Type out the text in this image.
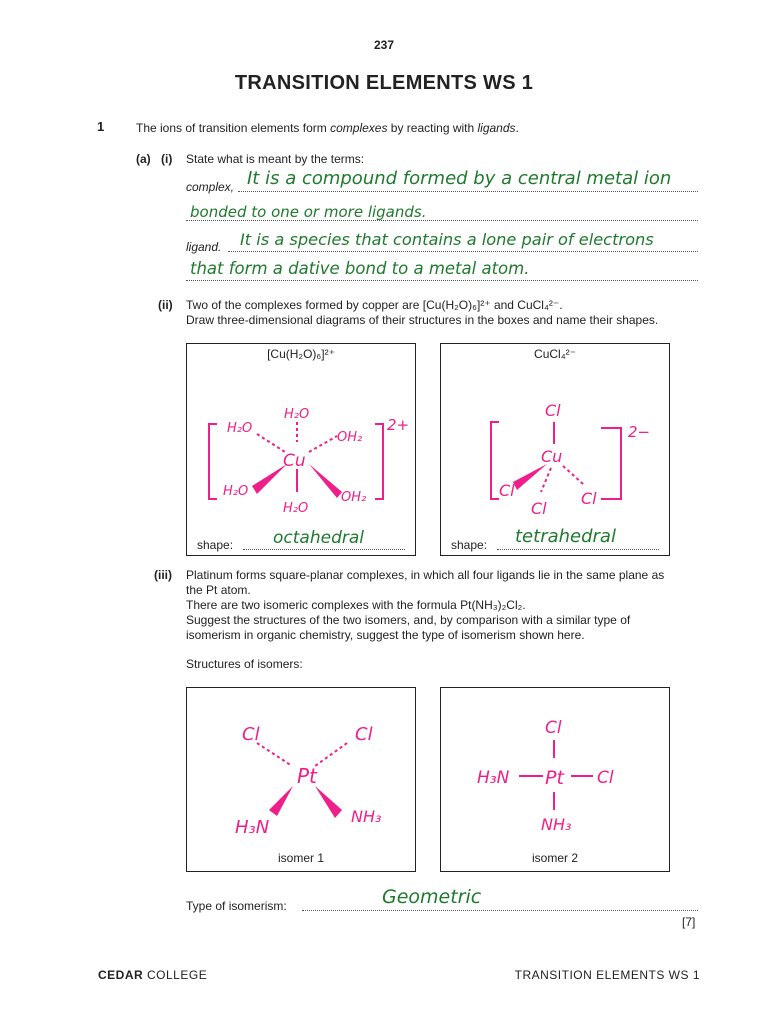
237
TRANSITION ELEMENTS WS 1
1	The ions of transition elements form complexes by reacting with ligands.
(a) (i) State what is meant by the terms:
complex, It is a compound formed by a central metal ion
bonded to one or more ligands.
ligand. It is a species that contains a lone pair of electrons
that form a dative bond to a metal atom.
(ii) Two of the complexes formed by copper are [Cu(H₂O)₆]²⁺ and CuCl₄²⁻.
Draw three-dimensional diagrams of their structures in the boxes and name their shapes.
[Cu(H₂O)₆]²⁺
H₂O
H₂O
OH₂
Cu
2+
H₂O	OH₂
H₂O
shape: octahedral
CuCl₄²⁻
Cl
Cu
2−
Cl
Cl
Cl
shape: tetrahedral
(iii) Platinum forms square-planar complexes, in which all four ligands lie in the same plane as
the Pt atom.
There are two isomeric complexes with the formula Pt(NH₃)₂Cl₂.
Suggest the structures of the two isomers, and, by comparison with a similar type of
isomerism in organic chemistry, suggest the type of isomerism shown here.
Structures of isomers:
Cl	Cl
Pt
H₃N
NH₃
isomer 1
Cl
H₃N Pt Cl
NH₃
isomer 2
Type of isomerism:	Geometric
[7]
CEDAR COLLEGE	TRANSITION ELEMENTS WS 1
